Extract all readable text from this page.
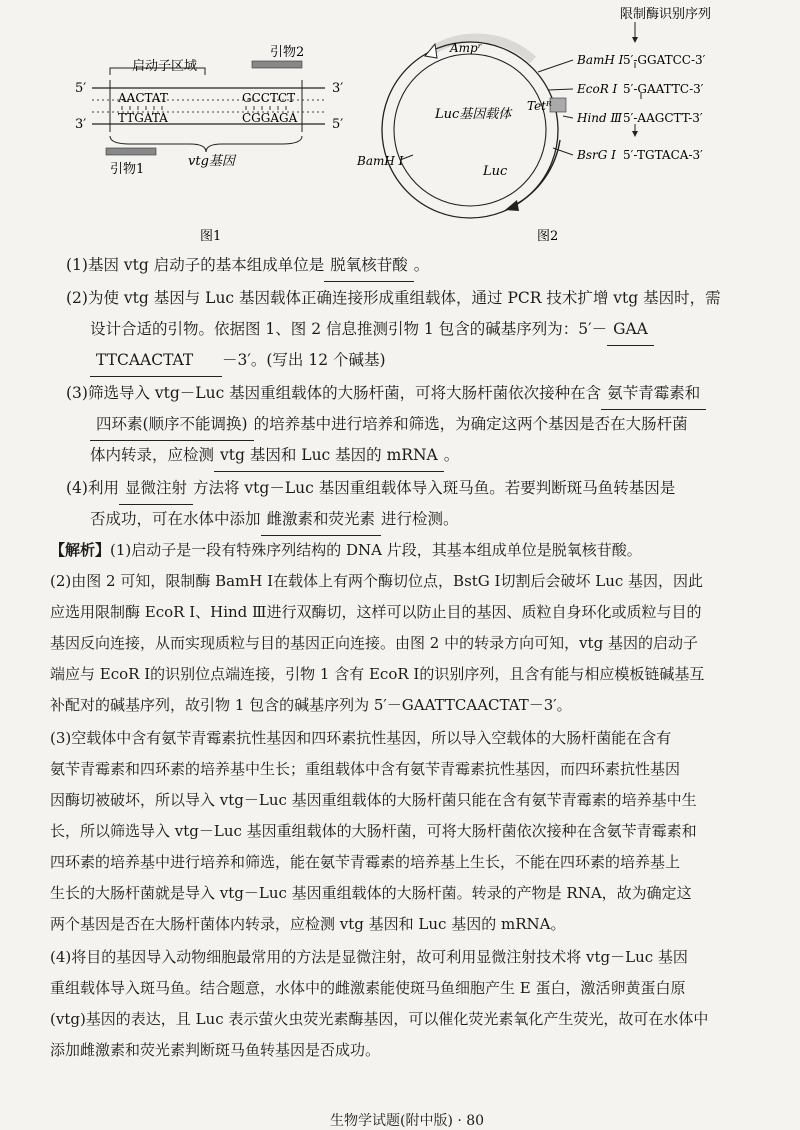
启动子区域
引物2
5′	3′
3′	5′
AACTAT
TTGATA
GCCTCT
CGGAGA
vtg基因
引物1
图1
限制酶识别序列
Ampʳ
Tetᴿ
Luc基因载体
Luc
BamH I
BamH I 5′-GGATCC-3′
EcoR I 5′-GAATTC-3′
Hind Ⅲ 5′-AAGCTT-3′
BsrG I 5′-TGTACA-3′
图2
(1)基因 vtg 启动子的基本组成单位是 脱氧核苷酸 。
(2)为使 vtg 基因与 Luc 基因载体正确连接形成重组载体，通过 PCR 技术扩增 vtg 基因时，需
设计合适的引物。依据图 1、图 2 信息推测引物 1 包含的碱基序列为：5′－ GAA
TTCAACTAT －3′。(写出 12 个碱基)
(3)筛选导入 vtg－Luc 基因重组载体的大肠杆菌，可将大肠杆菌依次接种在含 氨苄青霉素和
四环素(顺序不能调换) 的培养基中进行培养和筛选，为确定这两个基因是否在大肠杆菌
体内转录，应检测 vtg 基因和 Luc 基因的 mRNA 。
(4)利用 显微注射 方法将 vtg－Luc 基因重组载体导入斑马鱼。若要判断斑马鱼转基因是
否成功，可在水体中添加 雌激素和荧光素 进行检测。
【解析】(1)启动子是一段有特殊序列结构的 DNA 片段，其基本组成单位是脱氧核苷酸。
(2)由图 2 可知，限制酶 BamH Ⅰ在载体上有两个酶切位点，BstG Ⅰ切割后会破坏 Luc 基因，因此
应选用限制酶 EcoR Ⅰ、Hind Ⅲ进行双酶切，这样可以防止目的基因、质粒自身环化或质粒与目的
基因反向连接，从而实现质粒与目的基因正向连接。由图 2 中的转录方向可知，vtg 基因的启动子
端应与 EcoR Ⅰ的识别位点端连接，引物 1 含有 EcoR Ⅰ的识别序列，且含有能与相应模板链碱基互
补配对的碱基序列，故引物 1 包含的碱基序列为 5′－GAATTCAACTAT－3′。
(3)空载体中含有氨苄青霉素抗性基因和四环素抗性基因，所以导入空载体的大肠杆菌能在含有
氨苄青霉素和四环素的培养基中生长；重组载体中含有氨苄青霉素抗性基因，而四环素抗性基因
因酶切被破坏，所以导入 vtg－Luc 基因重组载体的大肠杆菌只能在含有氨苄青霉素的培养基中生
长，所以筛选导入 vtg－Luc 基因重组载体的大肠杆菌，可将大肠杆菌依次接种在含氨苄青霉素和
四环素的培养基中进行培养和筛选，能在氨苄青霉素的培养基上生长，不能在四环素的培养基上
生长的大肠杆菌就是导入 vtg－Luc 基因重组载体的大肠杆菌。转录的产物是 RNA，故为确定这
两个基因是否在大肠杆菌体内转录，应检测 vtg 基因和 Luc 基因的 mRNA。
(4)将目的基因导入动物细胞最常用的方法是显微注射，故可利用显微注射技术将 vtg－Luc 基因
重组载体导入斑马鱼。结合题意，水体中的雌激素能使斑马鱼细胞产生 E 蛋白，激活卵黄蛋白原
(vtg)基因的表达，且 Luc 表示萤火虫荧光素酶基因，可以催化荧光素氧化产生荧光，故可在水体中
添加雌激素和荧光素判断斑马鱼转基因是否成功。
生物学试题(附中版) · 80
